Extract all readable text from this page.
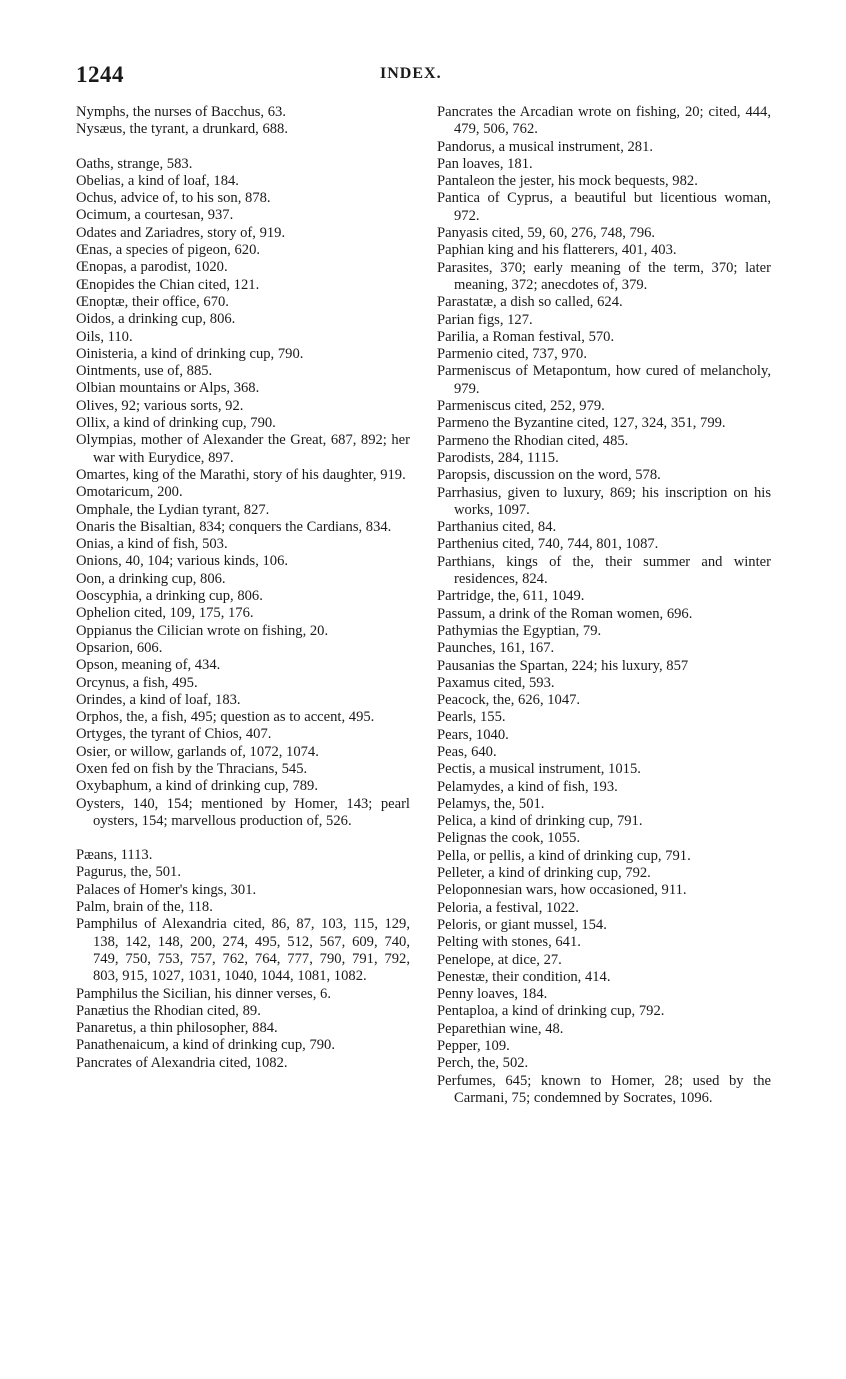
1244	INDEX.
Nymphs, the nurses of Bacchus, 63.
Nysæus, the tyrant, a drunkard, 688.
Oaths, strange, 583.
Obelias, a kind of loaf, 184.
Ochus, advice of, to his son, 878.
Ocimum, a courtesan, 937.
Odates and Zariadres, story of, 919.
Œnas, a species of pigeon, 620.
Œnopas, a parodist, 1020.
Œnopides the Chian cited, 121.
Œnoptæ, their office, 670.
Oidos, a drinking cup, 806.
Oils, 110.
Oinisteria, a kind of drinking cup, 790.
Ointments, use of, 885.
Olbian mountains or Alps, 368.
Olives, 92; various sorts, 92.
Ollix, a kind of drinking cup, 790.
Olympias, mother of Alexander the Great, 687, 892; her war with Eurydice, 897.
Omartes, king of the Marathi, story of his daughter, 919.
Omotaricum, 200.
Omphale, the Lydian tyrant, 827.
Onaris the Bisaltian, 834; conquers the Cardians, 834.
Onias, a kind of fish, 503.
Onions, 40, 104; various kinds, 106.
Oon, a drinking cup, 806.
Ooscyphia, a drinking cup, 806.
Ophelion cited, 109, 175, 176.
Oppianus the Cilician wrote on fishing, 20.
Opsarion, 606.
Opson, meaning of, 434.
Orcynus, a fish, 495.
Orindes, a kind of loaf, 183.
Orphos, the, a fish, 495; question as to accent, 495.
Ortyges, the tyrant of Chios, 407.
Osier, or willow, garlands of, 1072, 1074.
Oxen fed on fish by the Thracians, 545.
Oxybaphum, a kind of drinking cup, 789.
Oysters, 140, 154; mentioned by Homer, 143; pearl oysters, 154; marvellous production of, 526.
Pæans, 1113.
Pagurus, the, 501.
Palaces of Homer's kings, 301.
Palm, brain of the, 118.
Pamphilus of Alexandria cited, 86, 87, 103, 115, 129, 138, 142, 148, 200, 274, 495, 512, 567, 609, 740, 749, 750, 753, 757, 762, 764, 777, 790, 791, 792, 803, 915, 1027, 1031, 1040, 1044, 1081, 1082.
Pamphilus the Sicilian, his dinner verses, 6.
Panætius the Rhodian cited, 89.
Panaretus, a thin philosopher, 884.
Panathenaicum, a kind of drinking cup, 790.
Pancrates of Alexandria cited, 1082.
Pancrates the Arcadian wrote on fishing, 20; cited, 444, 479, 506, 762.
Pandorus, a musical instrument, 281.
Pan loaves, 181.
Pantaleon the jester, his mock bequests, 982.
Pantica of Cyprus, a beautiful but licentious woman, 972.
Panyasis cited, 59, 60, 276, 748, 796.
Paphian king and his flatterers, 401, 403.
Parasites, 370; early meaning of the term, 370; later meaning, 372; anecdotes of, 379.
Parastatæ, a dish so called, 624.
Parian figs, 127.
Parilia, a Roman festival, 570.
Parmenio cited, 737, 970.
Parmeniscus of Metapontum, how cured of melancholy, 979.
Parmeniscus cited, 252, 979.
Parmeno the Byzantine cited, 127, 324, 351, 799.
Parmeno the Rhodian cited, 485.
Parodists, 284, 1115.
Paropsis, discussion on the word, 578.
Parrhasius, given to luxury, 869; his inscription on his works, 1097.
Parthanius cited, 84.
Parthenius cited, 740, 744, 801, 1087.
Parthians, kings of the, their summer and winter residences, 824.
Partridge, the, 611, 1049.
Passum, a drink of the Roman women, 696.
Pathymias the Egyptian, 79.
Paunches, 161, 167.
Pausanias the Spartan, 224; his luxury, 857
Paxamus cited, 593.
Peacock, the, 626, 1047.
Pearls, 155.
Pears, 1040.
Peas, 640.
Pectis, a musical instrument, 1015.
Pelamydes, a kind of fish, 193.
Pelamys, the, 501.
Pelica, a kind of drinking cup, 791.
Pelignas the cook, 1055.
Pella, or pellis, a kind of drinking cup, 791.
Pelleter, a kind of drinking cup, 792.
Peloponnesian wars, how occasioned, 911.
Peloria, a festival, 1022.
Peloris, or giant mussel, 154.
Pelting with stones, 641.
Penelope, at dice, 27.
Penestæ, their condition, 414.
Penny loaves, 184.
Pentaploa, a kind of drinking cup, 792.
Peparethian wine, 48.
Pepper, 109.
Perch, the, 502.
Perfumes, 645; known to Homer, 28; used by the Carmani, 75; condemned by Socrates, 1096.
